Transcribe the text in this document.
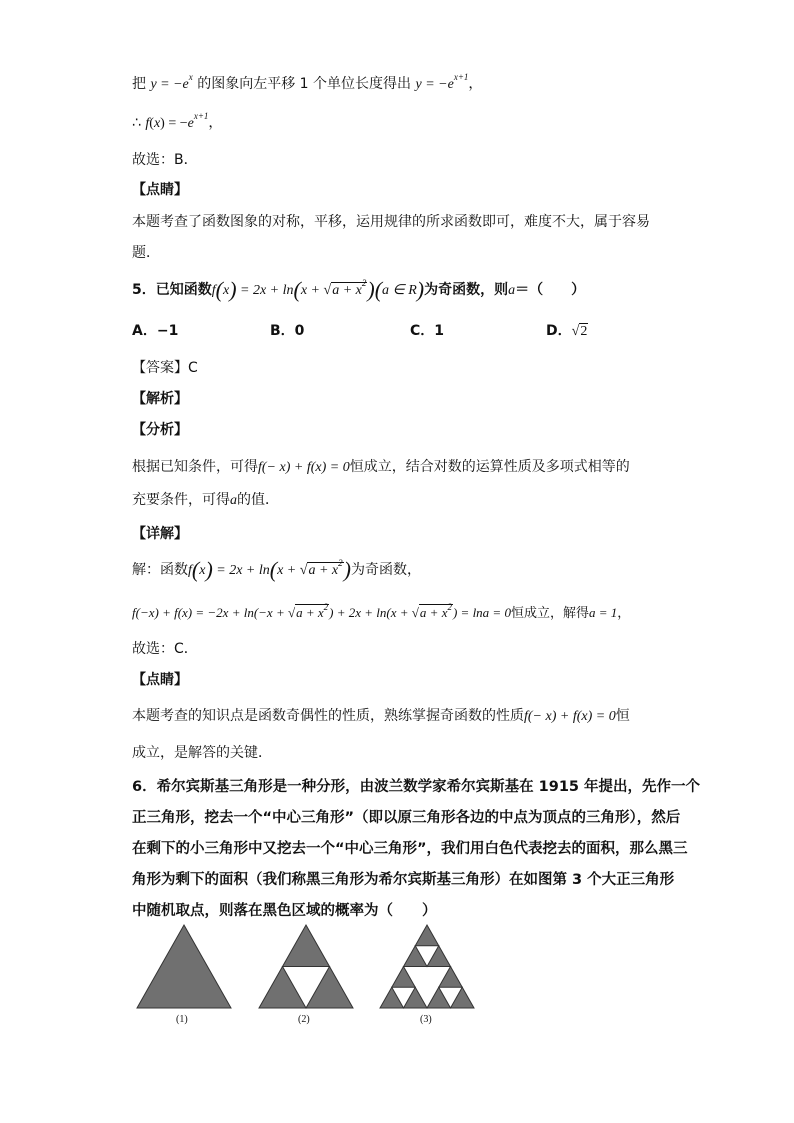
把 $y = -e^x$ 的图象向左平移 1 个单位长度得出 $y = -e^{x+1}$，
∴ $f(x) = -e^{x+1}$，
故选：B．
【点睛】
本题考查了函数图象的对称，平移，运用规律的所求函数即可，难度不大，属于容易
题．
5．已知函数$f(x) = 2x + \ln(x + √a + x^2)(a$ ∈ R)为奇函数，则a＝（　　）
A．−1	B．0	C．1	D．√2
【答案】C
【解析】
【分析】
根据已知条件，可得f(− x) + f(x) = 0恒成立，结合对数的运算性质及多项式相等的
充要条件，可得a的值．
【详解】
解：函数$f(x) = 2x + \ln(x + √a + x^2)$为奇函数，
$f(-x) + f(x) = -2x + \ln(-x + √a + x^2) + 2x + \ln(x + √a + x^2) = \ln a = 0$恒成立，解得a = 1，
故选：C．
【点睛】
本题考查的知识点是函数奇偶性的性质，熟练掌握奇函数的性质f(− x) + f(x) = 0恒
成立，是解答的关键．
6．希尔宾斯基三角形是一种分形，由波兰数学家希尔宾斯基在 1915 年提出，先作一个
正三角形，挖去一个“中心三角形”（即以原三角形各边的中点为顶点的三角形），然后
在剩下的小三角形中又挖去一个“中心三角形”，我们用白色代表挖去的面积，那么黑三
角形为剩下的面积（我们称黑三角形为希尔宾斯基三角形）在如图第 3 个大正三角形
中随机取点，则落在黑色区域的概率为（　　）
(1)	(2)	(3)
